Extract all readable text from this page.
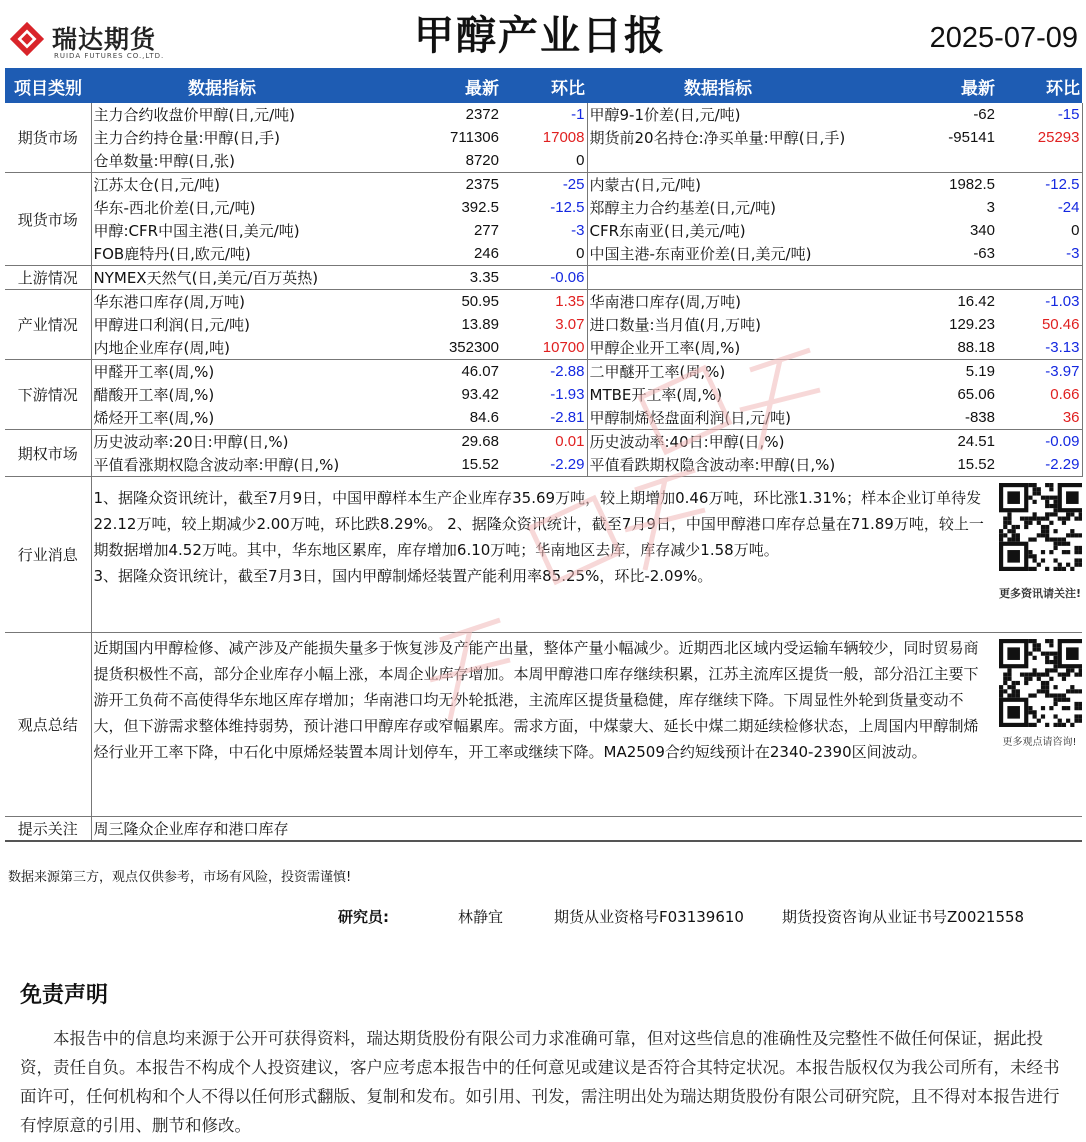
瑞达期货
RUIDA FUTURES CO.,LTD.	甲醇产业日报	2025-07-09
项目类别	数据指标	最新	环比	数据指标	最新	环比
期货市场	主力合约收盘价甲醇(日,元/吨)	2372	-1	甲醇9-1价差(日,元/吨)	-62	-15
	主力合约持仓量:甲醇(日,手)	711306	17008	期货前20名持仓:净买单量:甲醇(日,手)	-95141	25293
	仓单数量:甲醇(日,张)	8720	0			
现货市场	江苏太仓(日,元/吨)	2375	-25	内蒙古(日,元/吨)	1982.5	-12.5
	华东-西北价差(日,元/吨)	392.5	-12.5	郑醇主力合约基差(日,元/吨)	3	-24
	甲醇:CFR中国主港(日,美元/吨)	277	-3	CFR东南亚(日,美元/吨)	340	0
	FOB鹿特丹(日,欧元/吨)	246	0	中国主港-东南亚价差(日,美元/吨)	-63	-3
上游情况	NYMEX天然气(日,美元/百万英热)	3.35	-0.06			
产业情况	华东港口库存(周,万吨)	50.95	1.35	华南港口库存(周,万吨)	16.42	-1.03
	甲醇进口利润(日,元/吨)	13.89	3.07	进口数量:当月值(月,万吨)	129.23	50.46
	内地企业库存(周,吨)	352300	10700	甲醇企业开工率(周,%)	88.18	-3.13
下游情况	甲醛开工率(周,%)	46.07	-2.88	二甲醚开工率(周,%)	5.19	-3.97
	醋酸开工率(周,%)	93.42	-1.93	MTBE开工率(周,%)	65.06	0.66
	烯烃开工率(周,%)	84.6	-2.81	甲醇制烯烃盘面利润(日,元/吨)	-838	36
期权市场	历史波动率:20日:甲醇(日,%)	29.68	0.01	历史波动率:40日:甲醇(日,%)	24.51	-0.09
	平值看涨期权隐含波动率:甲醇(日,%)	15.52	-2.29	平值看跌期权隐含波动率:甲醇(日,%)	15.52	-2.29
行业消息	1、据隆众资讯统计，截至7月9日，中国甲醇样本生产企业库存35.69万吨，较上期增加0.46万吨，环比涨1.31%；样本企业订单待发22.12万吨，较上期减少2.00万吨，环比跌8.29%。 2、据隆众资讯统计，截至7月9日，中国甲醇港口库存总量在71.89万吨，较上一期数据增加4.52万吨。其中，华东地区累库，库存增加6.10万吨；华南地区去库，库存减少1.58万吨。
3、据隆众资讯统计，截至7月3日，国内甲醇制烯烃装置产能利用率85.25%，环比-2.09%。					更多资讯请关注!

观点总结	近期国内甲醇检修、减产涉及产能损失量多于恢复涉及产能产出量，整体产量小幅减少。近期西北区域内受运输车辆较少，同时贸易商提货积极性不高，部分企业库存小幅上涨，本周企业库存增加。本周甲醇港口库存继续积累，江苏主流库区提货一般，部分沿江主要下游开工负荷不高使得华东地区库存增加；华南港口均无外轮抵港，主流库区提货量稳健，库存继续下降。下周显性外轮到货量变动不大，但下游需求整体维持弱势，预计港口甲醇库存或窄幅累库。需求方面，中煤蒙大、延长中煤二期延续检修状态，上周国内甲醇制烯烃行业开工率下降，中石化中原烯烃装置本周计划停车，开工率或继续下降。MA2509合约短线预计在2340-2390区间波动。					更多观点请咨询!

提示关注	周三隆众企业库存和港口库存					
数据来源第三方，观点仅供参考，市场有风险，投资需谨慎!
研究员:	林静宜	期货从业资格号F03139610	期货投资咨询从业证书号Z0021558
免责声明
本报告中的信息均来源于公开可获得资料，瑞达期货股份有限公司力求准确可靠，但对这些信息的准确性及完整性不做任何保证，据此投资，责任自负。本报告不构成个人投资建议，客户应考虑本报告中的任何意见或建议是否符合其特定状况。本报告版权仅为我公司所有，未经书面许可，任何机构和个人不得以任何形式翻版、复制和发布。如引用、刊发，需注明出处为瑞达期货股份有限公司研究院，且不得对本报告进行有悖原意的引用、删节和修改。
